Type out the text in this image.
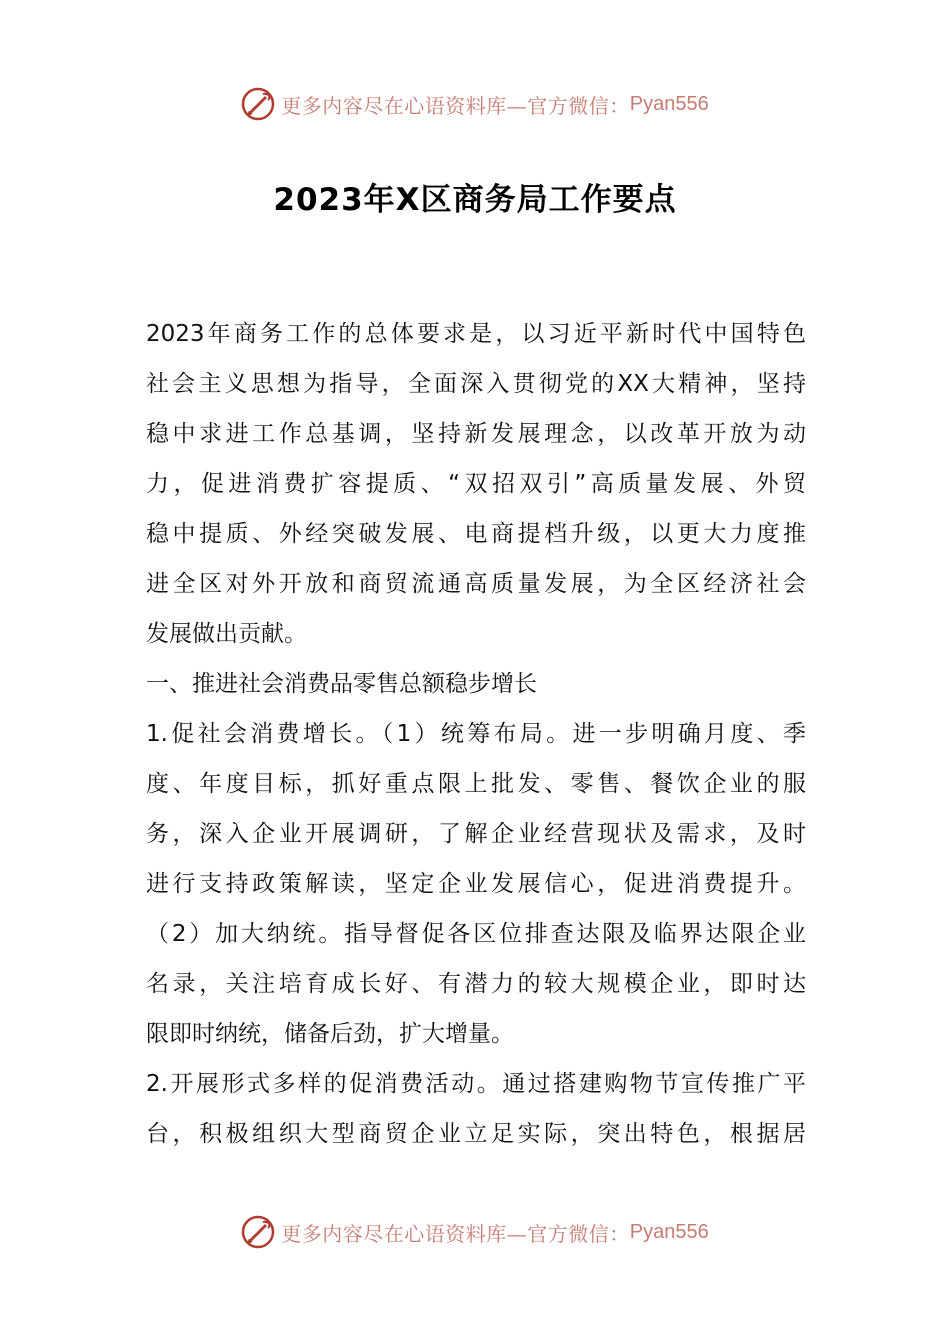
更多内容尽在心语资料库—官方微信： Pyan556
2023年X区商务局工作要点
2023年商务工作的总体要求是，以习近平新时代中国特色
社会主义思想为指导，全面深入贯彻党的XX大精神，坚持
稳中求进工作总基调，坚持新发展理念，以改革开放为动
力，促进消费扩容提质、“双招双引”高质量发展、外贸
稳中提质、外经突破发展、电商提档升级，以更大力度推
进全区对外开放和商贸流通高质量发展，为全区经济社会
发展做出贡献。
一、推进社会消费品零售总额稳步增长
1.促社会消费增长。（1）统筹布局。进一步明确月度、季
度、年度目标，抓好重点限上批发、零售、餐饮企业的服
务，深入企业开展调研，了解企业经营现状及需求，及时
进行支持政策解读，坚定企业发展信心，促进消费提升。
（2）加大纳统。指导督促各区位排查达限及临界达限企业
名录，关注培育成长好、有潜力的较大规模企业，即时达
限即时纳统，储备后劲，扩大增量。
2.开展形式多样的促消费活动。通过搭建购物节宣传推广平
台，积极组织大型商贸企业立足实际，突出特色，根据居
更多内容尽在心语资料库—官方微信： Pyan556
